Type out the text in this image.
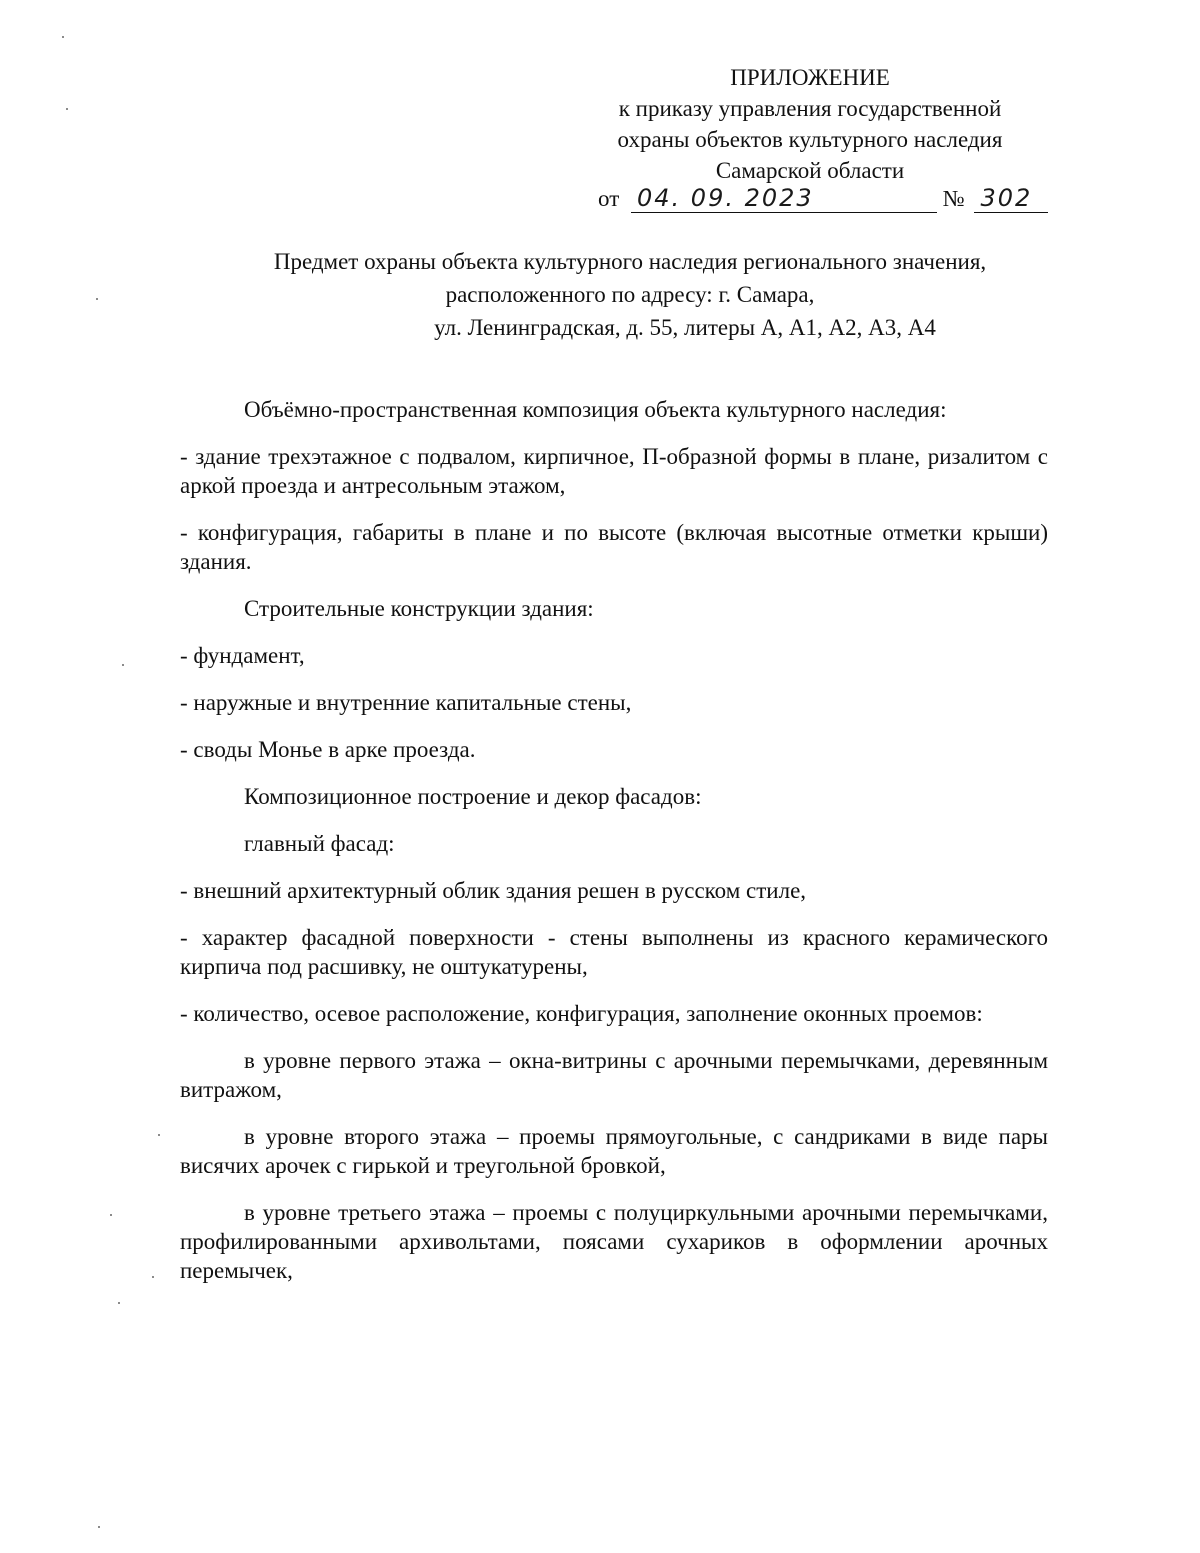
ПРИЛОЖЕНИЕ
к приказу управления государственной
охраны объектов культурного наследия
Самарской области
от 04. 09. 2023	№ 302
Предмет охраны объекта культурного наследия регионального значения,
расположенного по адресу: г. Самара,
ул. Ленинградская, д. 55, литеры А, А1, А2, А3, А4

Объёмно-пространственная композиция объекта культурного наследия:

- здание трехэтажное с подвалом, кирпичное, П-образной формы в плане, ризалитом с аркой проезда и антресольным этажом,

- конфигурация, габариты в плане и по высоте (включая высотные отметки крыши) здания.

Строительные конструкции здания:

- фундамент,

- наружные и внутренние капитальные стены,

- своды Монье в арке проезда.

Композиционное построение и декор фасадов:

главный фасад:

- внешний архитектурный облик здания решен в русском стиле,

- характер фасадной поверхности - стены выполнены из красного керамического кирпича под расшивку, не оштукатурены,

- количество, осевое расположение, конфигурация, заполнение оконных проемов:

в уровне первого этажа – окна-витрины с арочными перемычками, деревянным витражом,

в уровне второго этажа – проемы прямоугольные, с сандриками в виде пары висячих арочек с гирькой и треугольной бровкой,

в уровне третьего этажа – проемы с полуциркульными арочными перемычками, профилированными архивольтами, поясами сухариков в оформлении арочных перемычек,
